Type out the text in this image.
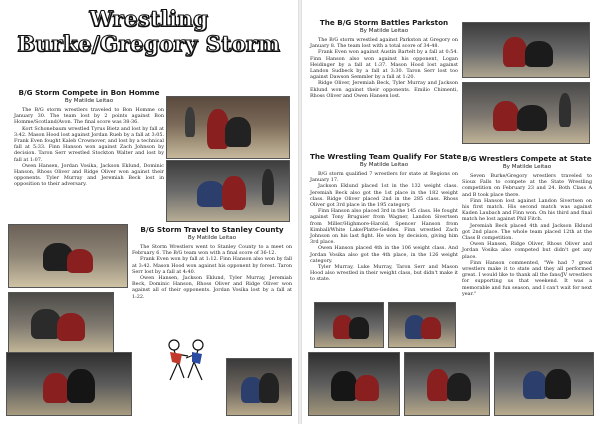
Wrestling
Burke/Gregory Storm
B/G Storm Compete in Bon Homme
By Matilde Leitao

The B/G storm wrestlers traveled to Bon Homme on January 30. The team lost by 2 points against Bon Homme/Scotland/Avon. The final score was 38-36.

Kort Schonebaum wrestled Tyrus Bietz and lost by fall at 3:42. Mason Hood lost against Jordan Rueb by a fall at 3:05. Frank Even fought Kaleb Crownover, and lost by a technical fall at 5:33. Finn Hanson won against Zach Johnson by decision. Taron Serr wrestled Stockton Walter and lost by fall at 1:07.

Owen Hansen, Jordan Vosika, Jackson Eklund, Dominic Hanson, Rhoss Oliver and Ridge Oliver won against their opponents. Tyler Murray and Jeremiah Beck lost in opposition to their adversary.

B/G Storm Travel to Stanley County
By Matilde Leitao

The Storm Wrestlers went to Stanley County to a meet on February 6. The B/G team won with a final score of 36-12.

Frank Even won by fall at 1:12. Finn Hanson also won by fall at 3:42. Mason Hood won against his opponent by forest. Taron Serr lost by a fall at 4:40.

Owen Hansen, Jackson Eklund, Tyler Murray, Jeremiah Beck, Dominic Hanson, Rhoss Oliver and Ridge Oliver won against all of their opponents. Jordan Vosika lost by a fall at 1:22.

The B/G Storm Battles Parkston
By Matilde Leitao

The B/G storm wrestled against Parkston at Gregory on January 8. The team lost with a total score of 34-48.

Frank Even won against Austin Bartelt by a fall at 0:54. Finn Hanson also won against his opponent, Logan Heidinger by a fall at 1:37. Mason Hood lost against Landon Sudbeck by a fall at 3:30. Taron Serr lost too against Dawson Semmler by a fall at 1:20.

Ridge Oliver, Jeremiah Beck, Tyler Murray and Jackson Eklund won against their opponents. Emilio Chimenti, Rhoss Oliver and Owen Hansen lost.

The Wrestling Team Qualify For State
By Matilde Leitao

B/G storm qualified 7 wrestlers for state at Regions on January 17.

Jackson Eklund placed 1st in the 132 weight class. Jeremiah Beck also got the 1st place in the 182 weight class. Ridge Oliver placed 2nd in the 285 class. Rhoss Oliver got 3rd place in the 195 category.

Finn Hanson also placed 3rd in the 145 class. He fought against Tony Bruguier from Wagner, Landon Sivertsen from Miller/Highmore-Harold, Spencer Hanson from Kimball/White Lake/Platte-Geddes. Finn wrestled Zach Johnson on his last fight. He won by decision, giving him 3rd place.

Owen Hanson placed 4th in the 106 weight class. And Jordan Vosika also got the 4th place, in the 126 weight category.

Tyler Murray, Luke Murray, Taron Serr and Mason Hood also wrestled in their weight class, but didn't make it to state.

B/G Wrestlers Compete at State
By Matilde Leitao

Seven Burke/Gregory wrestlers traveled to Sioux Falls to compete at the State Wrestling competition on February 23 and 24. Both Class A and B took place there.

Finn Hanson lost against Landon Sivertsen on his first match. His second match was against Kaden Laubach and Finn won. On his third and final match he lost against Phil Fitch.

Jeremiah Beck placed 4th and Jackson Eklund got 2nd place. The whole team placed 12th at the Class B competition.

Owen Hansen, Ridge Oliver, Rhoss Oliver and Jordan Vosika also competed but didn't get any place.

Finn Hanson commented, "We had 7 great wrestlers make it to state and they all performed great. I would like to thank all the fans/JV wrestlers for supporting us that weekend. It was a memorable and fun season, and I can't wait for next year."
